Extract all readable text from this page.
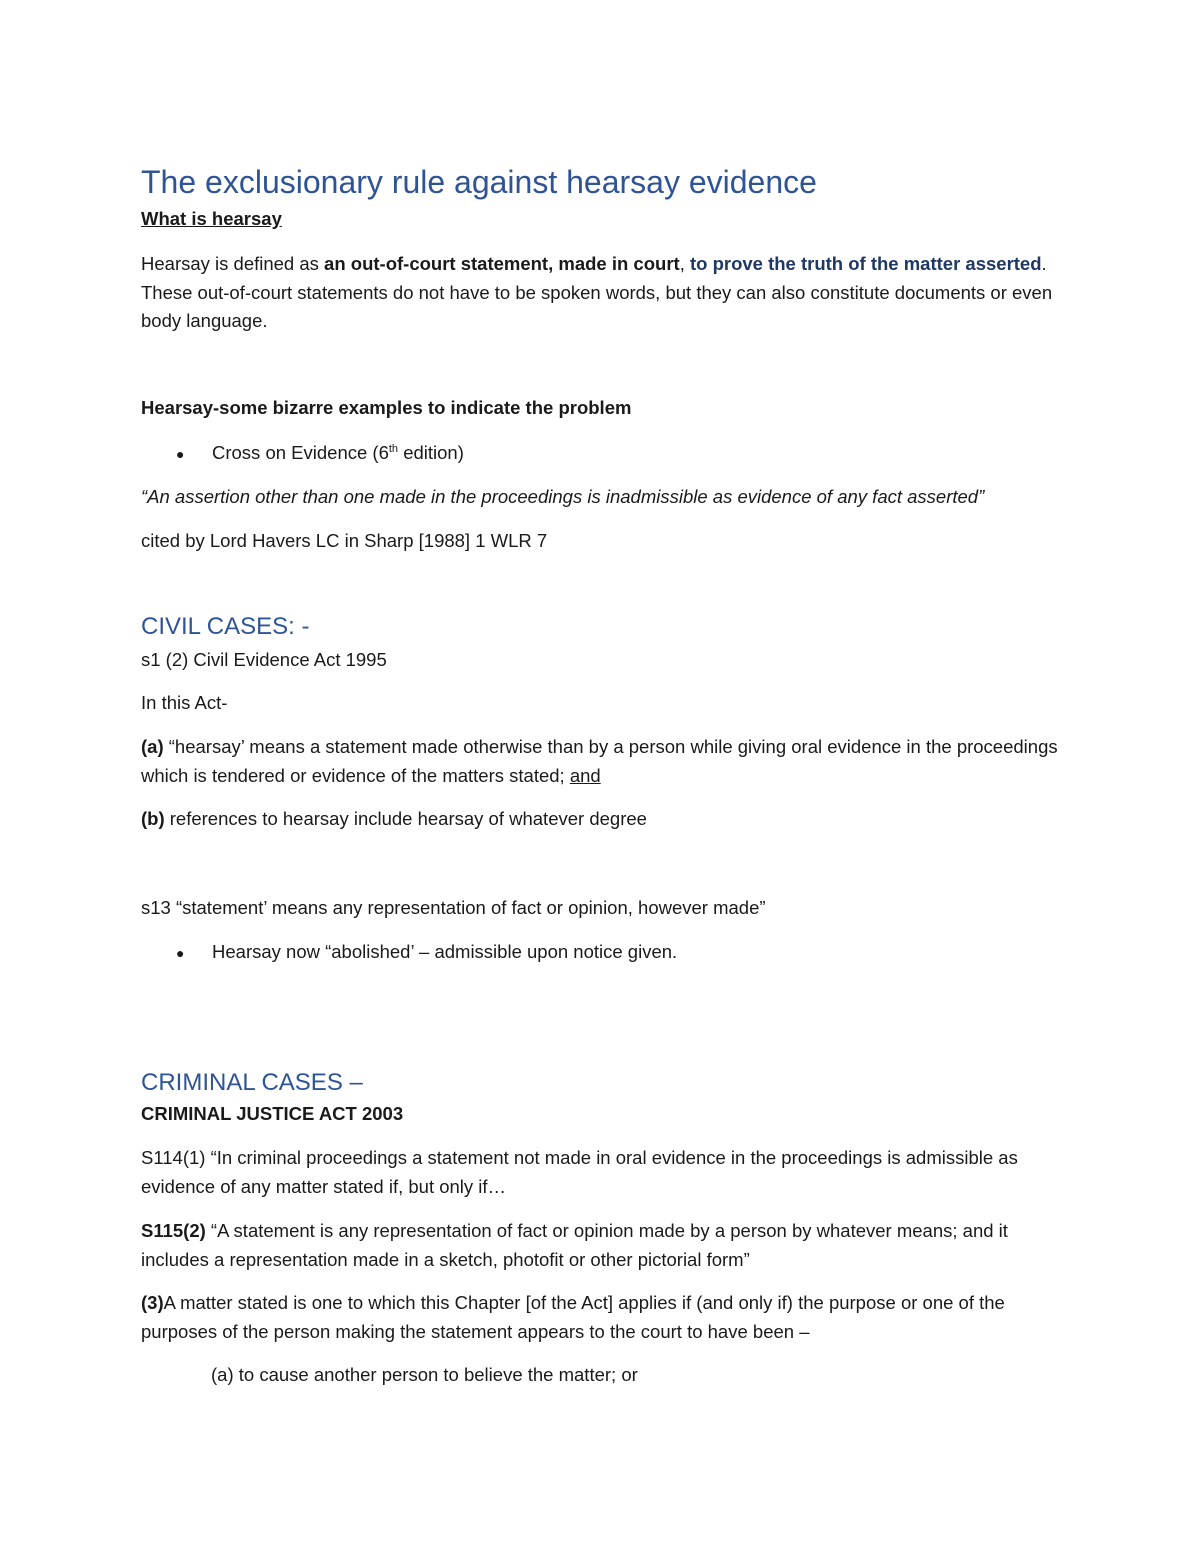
The exclusionary rule against hearsay evidence

What is hearsay

Hearsay is defined as an out-of-court statement, made in court, to prove the truth of the matter asserted. These out-of-court statements do not have to be spoken words, but they can also constitute documents or even body language.

Hearsay-some bizarre examples to indicate the problem

● Cross on Evidence (6th edition)

“An assertion other than one made in the proceedings is inadmissible as evidence of any fact asserted”

cited by Lord Havers LC in Sharp [1988] 1 WLR 7

CIVIL CASES: -

s1 (2) Civil Evidence Act 1995

In this Act-

(a) “hearsay’ means a statement made otherwise than by a person while giving oral evidence in the proceedings which is tendered or evidence of the matters stated; and

(b) references to hearsay include hearsay of whatever degree

s13 “statement’ means any representation of fact or opinion, however made”

● Hearsay now “abolished’ – admissible upon notice given.
CRIMINAL CASES –

CRIMINAL JUSTICE ACT 2003

S114(1) “In criminal proceedings a statement not made in oral evidence in the proceedings is admissible as evidence of any matter stated if, but only if…

S115(2) “A statement is any representation of fact or opinion made by a person by whatever means; and it includes a representation made in a sketch, photofit or other pictorial form”

(3)A matter stated is one to which this Chapter [of the Act] applies if (and only if) the purpose or one of the purposes of the person making the statement appears to the court to have been –

(a) to cause another person to believe the matter; or
